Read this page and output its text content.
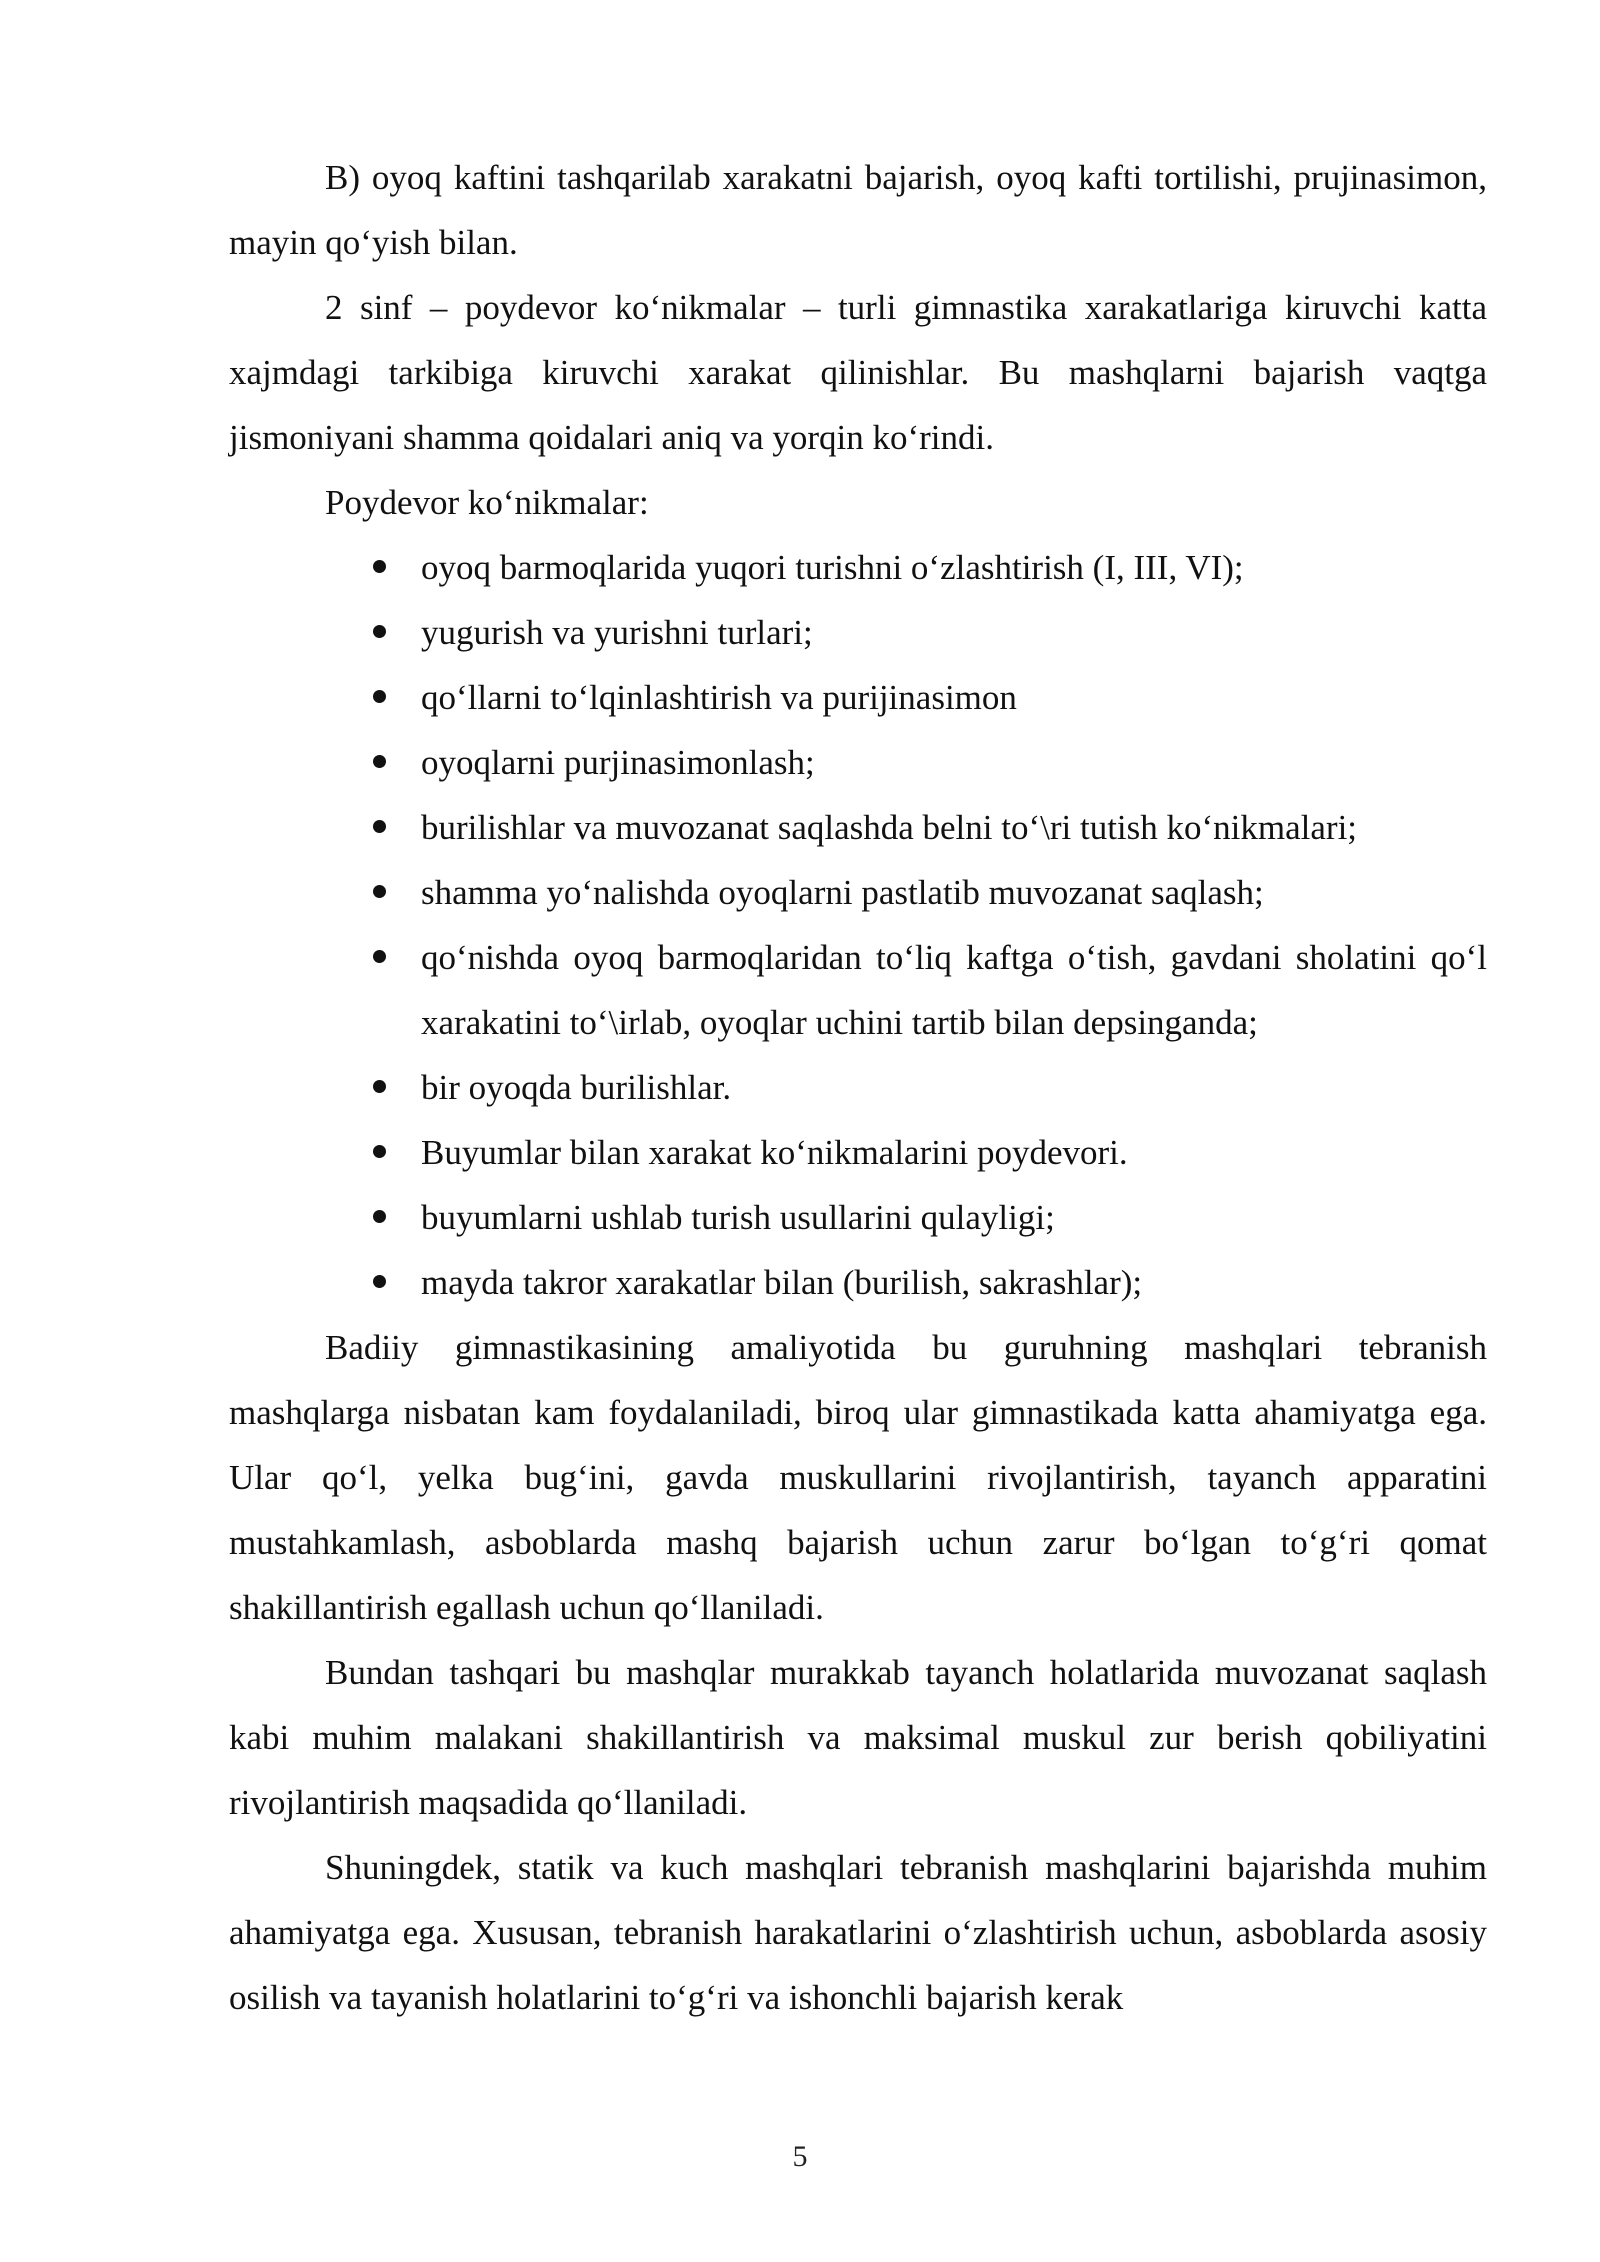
B) oyoq kaftini tashqarilab xarakatni bajarish, oyoq kafti tortilishi, prujinasimon, mayin qo‘yish bilan.

2 sinf – poydevor ko‘nikmalar – turli gimnastika xarakatlariga kiruvchi katta xajmdagi tarkibiga kiruvchi xarakat qilinishlar. Bu mashqlarni bajarish vaqtga jismoniyani shamma qoidalari aniq va yorqin ko‘rindi.

Poydevor ko‘nikmalar:

oyoq barmoqlarida yuqori turishni o‘zlashtirish (I, III, VI);
yugurish va yurishni turlari;
qo‘llarni to‘lqinlashtirish va purijinasimon
oyoqlarni purjinasimonlash;
burilishlar va muvozanat saqlashda belni to‘\ri tutish ko‘nikmalari;
shamma yo‘nalishda oyoqlarni pastlatib muvozanat saqlash;
qo‘nishda oyoq barmoqlaridan to‘liq kaftga o‘tish, gavdani sholatini qo‘l xarakatini to‘\irlab, oyoqlar uchini tartib bilan depsinganda;
bir oyoqda burilishlar.
Buyumlar bilan xarakat ko‘nikmalarini poydevori.
buyumlarni ushlab turish usullarini qulayligi;
mayda takror xarakatlar bilan (burilish, sakrashlar);

Badiiy gimnastikasining amaliyotida bu guruhning mashqlari tebranish mashqlarga nisbatan kam foydalaniladi, biroq ular gimnastikada katta ahamiyatga ega. Ular qo‘l, yelka bug‘ini, gavda muskullarini rivojlantirish, tayanch apparatini mustahkamlash, asboblarda mashq bajarish uchun zarur bo‘lgan to‘g‘ri qomat shakillantirish egallash uchun qo‘llaniladi.

Bundan tashqari bu mashqlar murakkab tayanch holatlarida muvozanat saqlash kabi muhim malakani shakillantirish va maksimal muskul zur berish qobiliyatini rivojlantirish maqsadida qo‘llaniladi.

Shuningdek, statik va kuch mashqlari tebranish mashqlarini bajarishda muhim ahamiyatga ega. Xususan, tebranish harakatlarini o‘zlashtirish uchun, asboblarda asosiy osilish va tayanish holatlarini to‘g‘ri va ishonchli bajarish kerak

5
